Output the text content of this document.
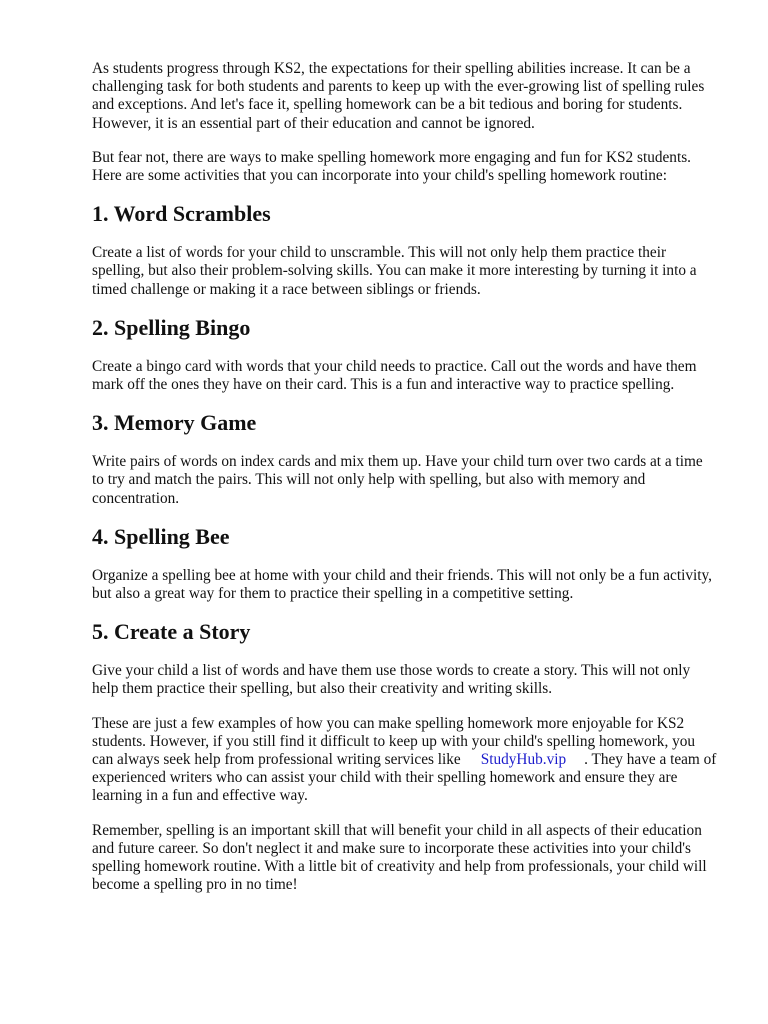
As students progress through KS2, the expectations for their spelling abilities increase. It can be a challenging task for both students and parents to keep up with the ever-growing list of spelling rules and exceptions. And let's face it, spelling homework can be a bit tedious and boring for students. However, it is an essential part of their education and cannot be ignored.

But fear not, there are ways to make spelling homework more engaging and fun for KS2 students. Here are some activities that you can incorporate into your child's spelling homework routine:

1. Word Scrambles

Create a list of words for your child to unscramble. This will not only help them practice their spelling, but also their problem-solving skills. You can make it more interesting by turning it into a timed challenge or making it a race between siblings or friends.

2. Spelling Bingo

Create a bingo card with words that your child needs to practice. Call out the words and have them mark off the ones they have on their card. This is a fun and interactive way to practice spelling.

3. Memory Game

Write pairs of words on index cards and mix them up. Have your child turn over two cards at a time to try and match the pairs. This will not only help with spelling, but also with memory and concentration.

4. Spelling Bee

Organize a spelling bee at home with your child and their friends. This will not only be a fun activity, but also a great way for them to practice their spelling in a competitive setting.

5. Create a Story

Give your child a list of words and have them use those words to create a story. This will not only help them practice their spelling, but also their creativity and writing skills.

These are just a few examples of how you can make spelling homework more enjoyable for KS2 students. However, if you still find it difficult to keep up with your child's spelling homework, you can always seek help from professional writing services like StudyHub.vip . They have a team of experienced writers who can assist your child with their spelling homework and ensure they are learning in a fun and effective way.

Remember, spelling is an important skill that will benefit your child in all aspects of their education and future career. So don't neglect it and make sure to incorporate these activities into your child's spelling homework routine. With a little bit of creativity and help from professionals, your child will become a spelling pro in no time!
